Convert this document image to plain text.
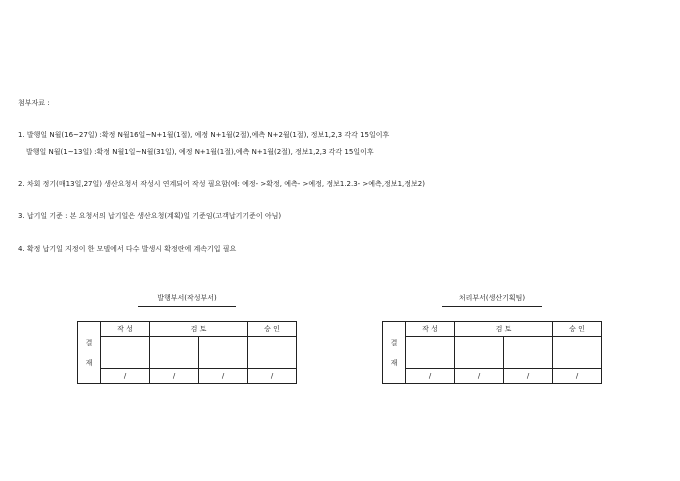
첨부자료 :
1. 발행일 N월(16~27일) :확정 N월16일~N+1월(1절), 예정 N+1월(2절),예측 N+2월(1절), 정보1,2,3 각각 15일이후
발행일 N월(1~13일) :확정 N월1일~N월(31일), 예정 N+1월(1절),예측 N+1월(2절), 정보1,2,3 각각 15일이후
2. 차회 정기(매13일,27일) 생산요청서 작성시 연계되어 작성 필요함(예: 예정- >확정, 예측- >예정, 정보1.2.3- >예측,정보1,정보2)
3. 납기일 기준 : 본 요청서의 납기일은 생산요청(계획)일 기준임(고객납기기준이 아님)
4. 확정 납기일 지정이 한 모델에서 다수 발생시 확정란에 계속기입 필요
발행부서(작성부서)
결
재	작 성	검 토		승 인

	/	/	/	/
처리부서(생산기획팀)
결
재	작 성	검 토		승 인

	/	/	/	/
